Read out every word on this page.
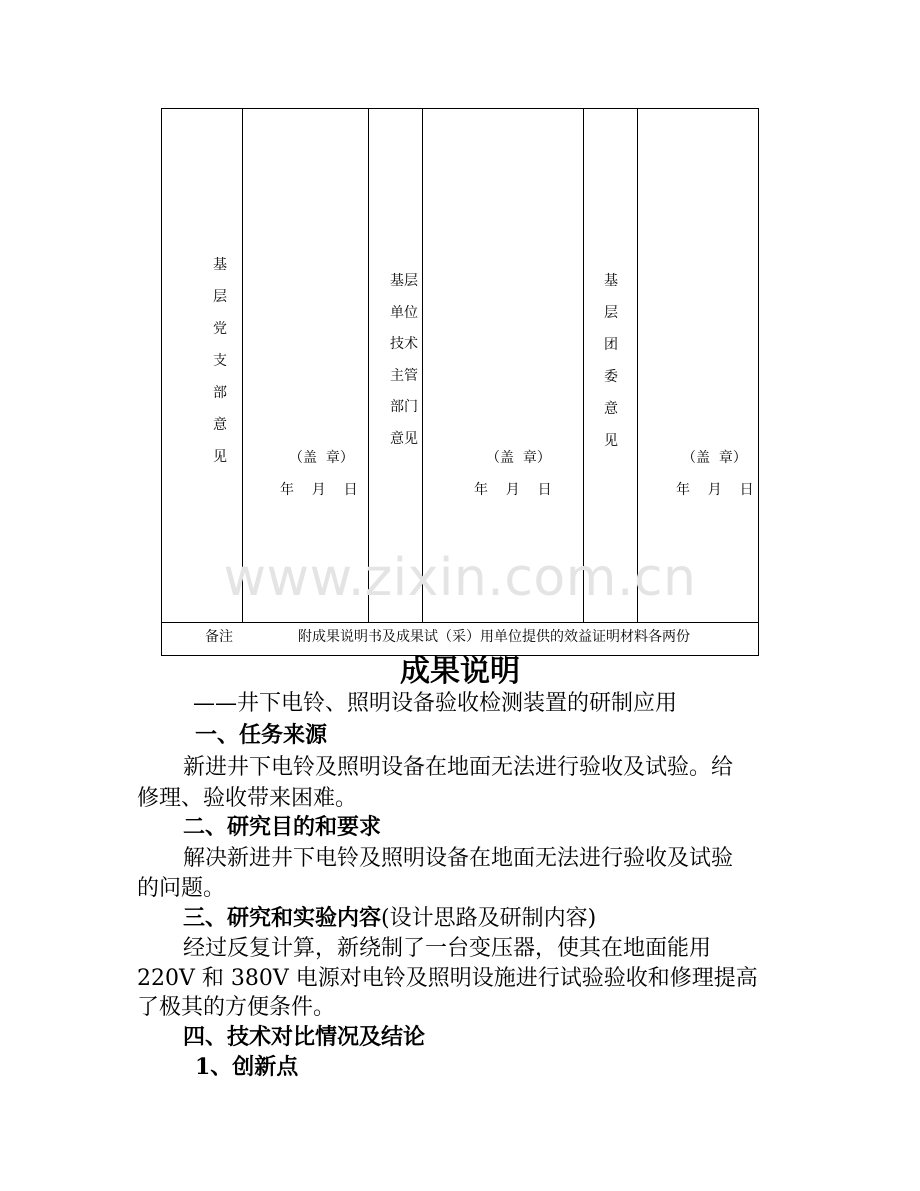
基
层
党
支
部
意
见
基层
单位
技术
主管
部门
意见
基
层
团
委
意
见
（盖  章）
年    月    日
（盖  章）
年    月    日
（盖  章）
年    月    日
备注	附成果说明书及成果试（采）用单位提供的效益证明材料各两份
www.zixin.com.cn
成果说明
——井下电铃、照明设备验收检测装置的研制应用
一、任务来源
新进井下电铃及照明设备在地面无法进行验收及试验。给
修理、验收带来困难。
二、研究目的和要求
解决新进井下电铃及照明设备在地面无法进行验收及试验
的问题。
三、研究和实验内容(设计思路及研制内容)
经过反复计算，新绕制了一台变压器，使其在地面能用
220V 和 380V 电源对电铃及照明设施进行试验验收和修理提高
了极其的方便条件。
四、技术对比情况及结论
1、创新点
